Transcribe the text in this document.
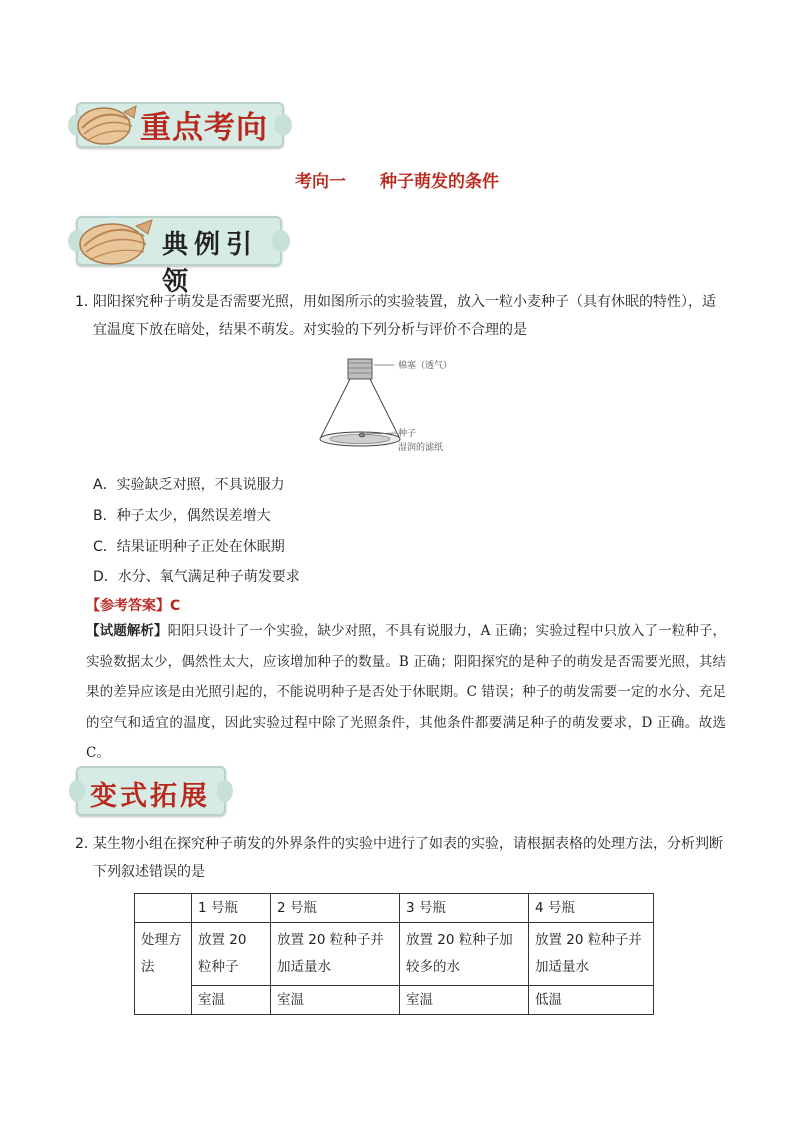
重点考向
考向一 种子萌发的条件
典例引领
1．
阳阳探究种子萌发是否需要光照，用如图所示的实验装置，放入一粒小麦种子（具有休眠的特性），适宜温度下放在暗处，结果不萌发。对实验的下列分析与评价不合理的是
棉塞（透气）
种子
湿润的滤纸
A．实验缺乏对照，不具说服力
B．种子太少，偶然误差增大
C．结果证明种子正处在休眠期
D．水分、氧气满足种子萌发要求
【参考答案】C
【试题解析】阳阳只设计了一个实验，缺少对照，不具有说服力，A 正确；实验过程中只放入了一粒种子，实验数据太少，偶然性太大，应该增加种子的数量。B 正确；阳阳探究的是种子的萌发是否需要光照，其结果的差异应该是由光照引起的，不能说明种子是否处于休眠期。C 错误；种子的萌发需要一定的水分、充足的空气和适宜的温度，因此实验过程中除了光照条件，其他条件都要满足种子的萌发要求，D 正确。故选 C。
变式拓展
2．
某生物小组在探究种子萌发的外界条件的实验中进行了如表的实验，请根据表格的处理方法，分析判断下列叙述错误的是
	1 号瓶	2 号瓶	3 号瓶	4 号瓶
处理方法	放置 20 粒种子	放置 20 粒种子并加适量水	放置 20 粒种子加较多的水	放置 20 粒种子并加适量水
	室温	室温	室温	低温
